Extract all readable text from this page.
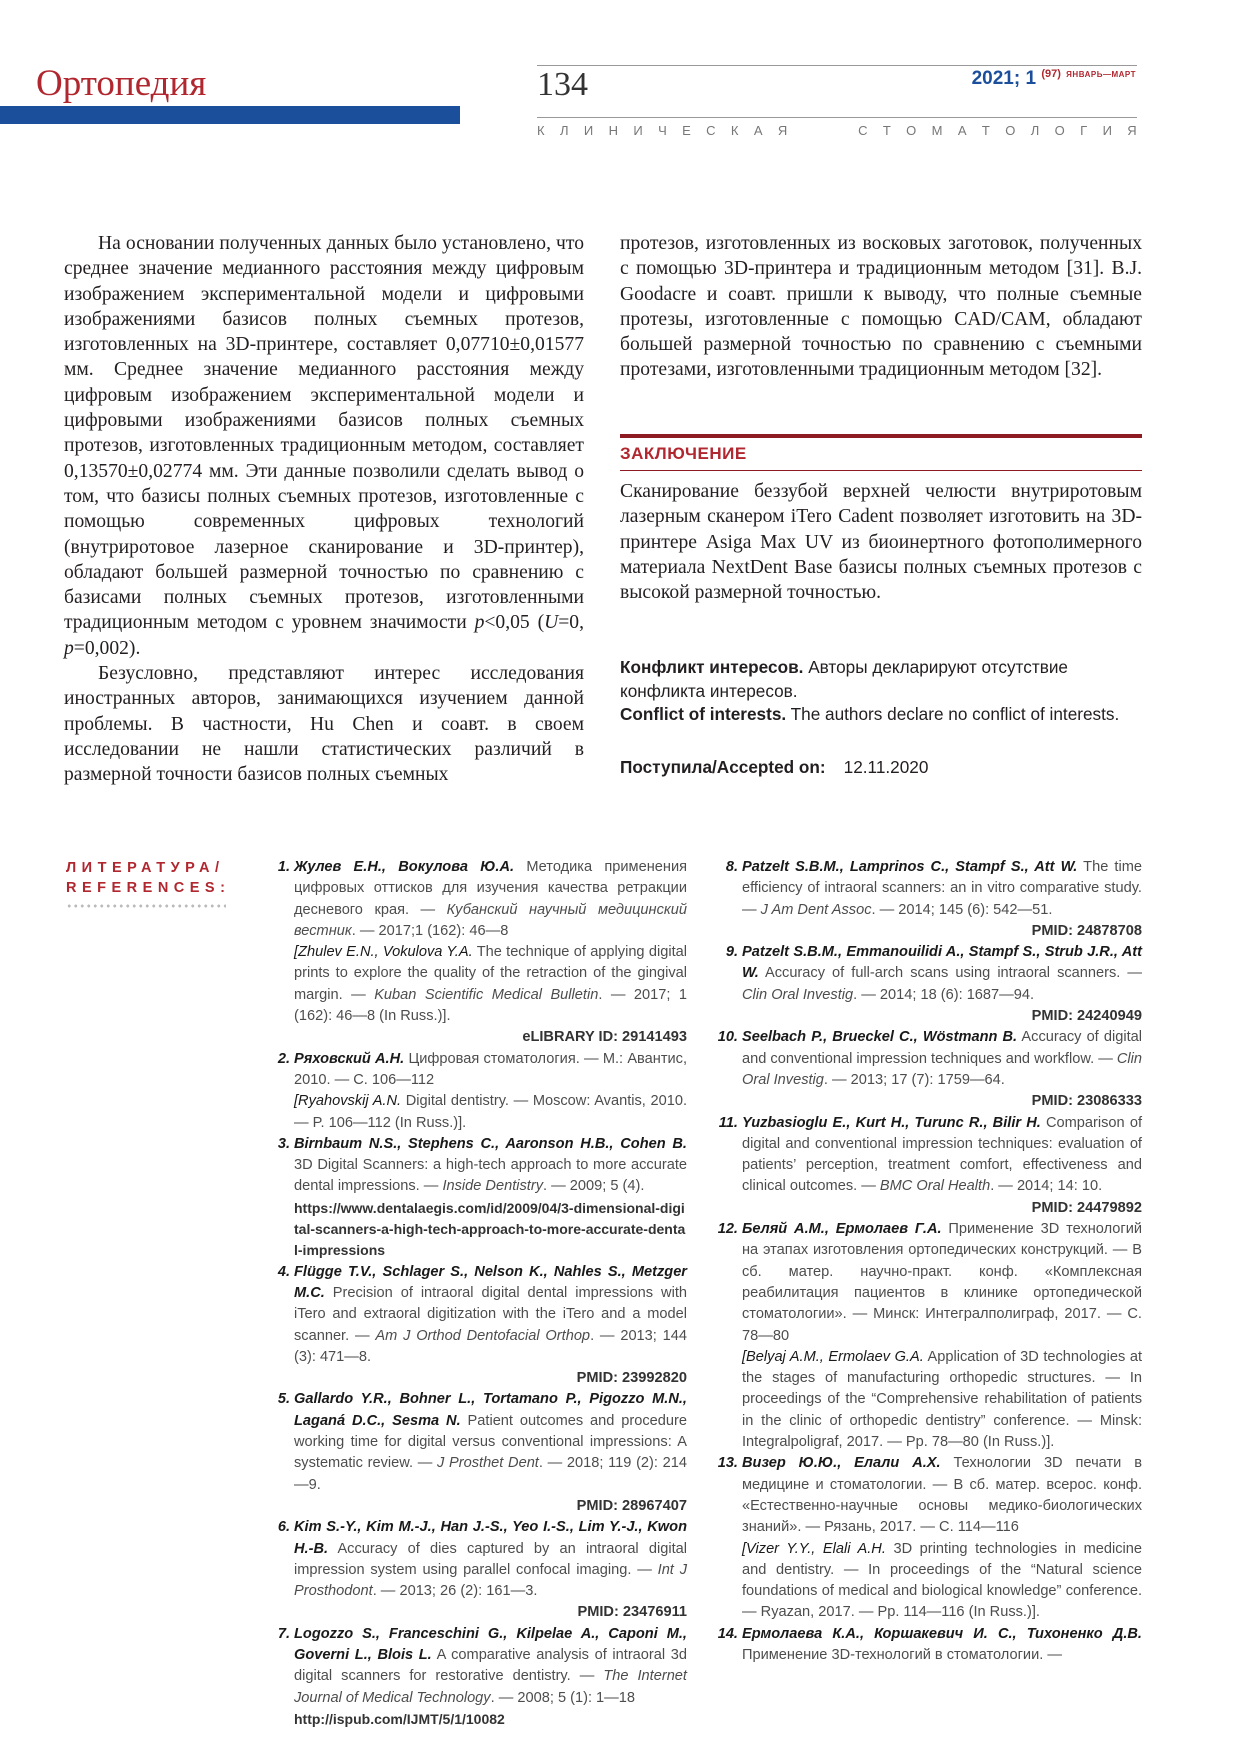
Ортопедия	134	2021; 1 $^{(97)}$ $^{ЯНВАРЬ—МАРТ}$
К Л И Н И Ч Е С К А Я	С Т О М А Т О Л О Г И Я

На основании полученных данных было установлено, что среднее значение медианного расстояния между цифровым изображением экспериментальной модели и цифровыми изображениями базисов полных съемных протезов, изготовленных на 3D-принтере, составляет 0,07710±0,01577 мм. Среднее значение медианного расстояния между цифровым изображением экспериментальной модели и цифровыми изображениями базисов полных съемных протезов, изготовленных традиционным методом, составляет 0,13570±0,02774 мм. Эти данные позволили сделать вывод о том, что базисы полных съемных протезов, изготовленные с помощью современных цифровых технологий (внутриротовое лазерное сканирование и 3D-принтер), обладают большей размерной точностью по сравнению с базисами полных съемных протезов, изготовленными традиционным методом с уровнем значимости p<0,05 (U=0, p=0,002).

Безусловно, представляют интерес исследования иностранных авторов, занимающихся изучением данной проблемы. В частности, Hu Chen и соавт. в своем исследовании не нашли статистических различий в размерной точности базисов полных съемных

протезов, изготовленных из восковых заготовок, полученных с помощью 3D-принтера и традиционным методом [31]. B.J. Goodacre и соавт. пришли к выводу, что полные съемные протезы, изготовленные с помощью CAD/CAM, обладают большей размерной точностью по сравнению с съемными протезами, изготовленными традиционным методом [32].

ЗАКЛЮЧЕНИЕ

Сканирование беззубой верхней челюсти внутриротовым лазерным сканером iTero Cadent позволяет изготовить на 3D-принтере Asiga Max UV из биоинертного фотополимерного материала NextDent Base базисы полных съемных протезов с высокой размерной точностью.

Конфликт интересов. Авторы декларируют отсутствие конфликта интересов.
Conflict of interests. The authors declare no conflict of interests.
Поступила/Accepted on: 12.11.2020
ЛИТЕРАТУРА/
REFERENCES:
1. Жулев Е.Н., Вокулова Ю.А. Методика применения цифровых оттисков для изучения качества ретракции десневого края. — Кубанский научный медицинский вестник. — 2017;1 (162): 46—8
[Zhulev E.N., Vokulova Y.A. The technique of applying digital prints to explore the quality of the retraction of the gingival margin. — Kuban Scientific Medical Bulletin. — 2017; 1 (162): 46—8 (In Russ.)].
eLIBRARY ID: 29141493
2. Ряховский А.Н. Цифровая стоматология. — М.: Авантис, 2010. — С. 106—112
[Ryahovskij A.N. Digital dentistry. — Moscow: Avantis, 2010. — P. 106—112 (In Russ.)].
3. Birnbaum N.S., Stephens C., Aaronson H.B., Cohen B. 3D Digital Scanners: a high-tech approach to more accurate dental impressions. — Inside Dentistry. — 2009; 5 (4).
https://www.dentalaegis.com/id/2009/04/3-dimensional-digital-scanners-a-high-tech-approach-to-more-accurate-dental-impressions
4. Flügge T.V., Schlager S., Nelson K., Nahles S., Metzger M.C. Precision of intraoral digital dental impressions with iTero and extraoral digitization with the iTero and a model scanner. — Am J Orthod Dentofacial Orthop. — 2013; 144 (3): 471—8.
PMID: 23992820
5. Gallardo Y.R., Bohner L., Tortamano P., Pigozzo M.N., Laganá D.C., Sesma N. Patient outcomes and procedure working time for digital versus conventional impressions: A systematic review. — J Prosthet Dent. — 2018; 119 (2): 214—9.
PMID: 28967407
6. Kim S.-Y., Kim M.-J., Han J.-S., Yeo I.-S., Lim Y.-J., Kwon H.-B. Accuracy of dies captured by an intraoral digital impression system using parallel confocal imaging. — Int J Prosthodont. — 2013; 26 (2): 161—3.
PMID: 23476911
7. Logozzo S., Franceschini G., Kilpelae A., Caponi M., Governi L., Blois L. A comparative analysis of intraoral 3d digital scanners for restorative dentistry. — The Internet Journal of Medical Technology. — 2008; 5 (1): 1—18
http://ispub.com/IJMT/5/1/10082
8. Patzelt S.B.M., Lamprinos C., Stampf S., Att W. The time efficiency of intraoral scanners: an in vitro comparative study. — J Am Dent Assoc. — 2014; 145 (6): 542—51.
PMID: 24878708
9. Patzelt S.B.M., Emmanouilidi A., Stampf S., Strub J.R., Att W. Accuracy of full-arch scans using intraoral scanners. — Clin Oral Investig. — 2014; 18 (6): 1687—94.
PMID: 24240949
10. Seelbach P., Brueckel C., Wöstmann B. Accuracy of digital and conventional impression techniques and workflow. — Clin Oral Investig. — 2013; 17 (7): 1759—64.
PMID: 23086333
11. Yuzbasioglu E., Kurt H., Turunc R., Bilir H. Comparison of digital and conventional impression techniques: evaluation of patients’ perception, treatment comfort, effectiveness and clinical outcomes. — BMC Oral Health. — 2014; 14: 10.
PMID: 24479892
12. Беляй А.М., Ермолаев Г.А. Применение 3D технологий на этапах изготовления ортопедических конструкций. — В сб. матер. научно-практ. конф. «Комплексная реабилитация пациентов в клинике ортопедической стоматологии». — Минск: Интегралполиграф, 2017. — С. 78—80
[Belyaj A.M., Ermolaev G.A. Application of 3D technologies at the stages of manufacturing orthopedic structures. — In proceedings of the “Comprehensive rehabilitation of patients in the clinic of orthopedic dentistry” conference. — Minsk: Integralpoligraf, 2017. — Pp. 78—80 (In Russ.)].
13. Визер Ю.Ю., Елали А.Х. Технологии 3D печати в медицине и стоматологии. — В сб. матер. всерос. конф. «Естественно-научные основы медико-биологических знаний». — Рязань, 2017. — С. 114—116
[Vizer Y.Y., Elali A.H. 3D printing technologies in medicine and dentistry. — In proceedings of the “Natural science foundations of medical and biological knowledge” conference. — Ryazan, 2017. — Pp. 114—116 (In Russ.)].
14. Ермолаева К.А., Коршакевич И. С., Тихоненко Д.В. Применение 3D-технологий в стоматологии. —
